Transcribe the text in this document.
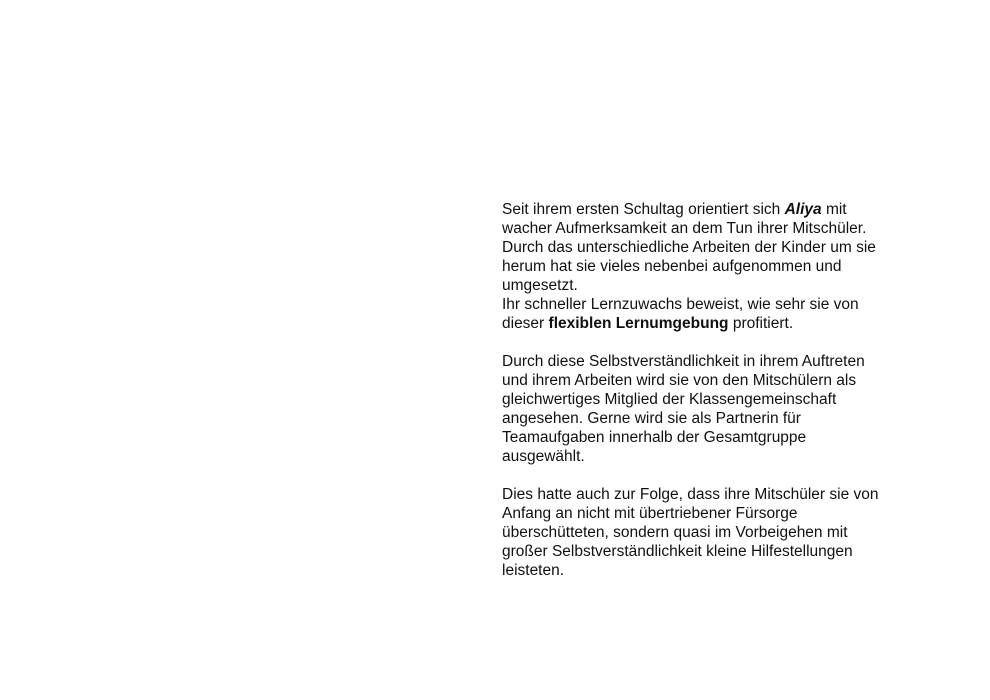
Seit ihrem ersten Schultag orientiert sich Aliya mit
wacher Aufmerksamkeit an dem Tun ihrer Mitschüler.
Durch das unterschiedliche Arbeiten der Kinder um sie
herum hat sie vieles nebenbei aufgenommen und
umgesetzt.
Ihr schneller Lernzuwachs beweist, wie sehr sie von
dieser flexiblen Lernumgebung profitiert.

Durch diese Selbstverständlichkeit in ihrem Auftreten
und ihrem Arbeiten wird sie von den Mitschülern als
gleichwertiges Mitglied der Klassengemeinschaft
angesehen. Gerne wird sie als Partnerin für
Teamaufgaben innerhalb der Gesamtgruppe
ausgewählt.

Dies hatte auch zur Folge, dass ihre Mitschüler sie von
Anfang an nicht mit übertriebener Fürsorge
überschütteten, sondern quasi im Vorbeigehen mit
großer Selbstverständlichkeit kleine Hilfestellungen
leisteten.
